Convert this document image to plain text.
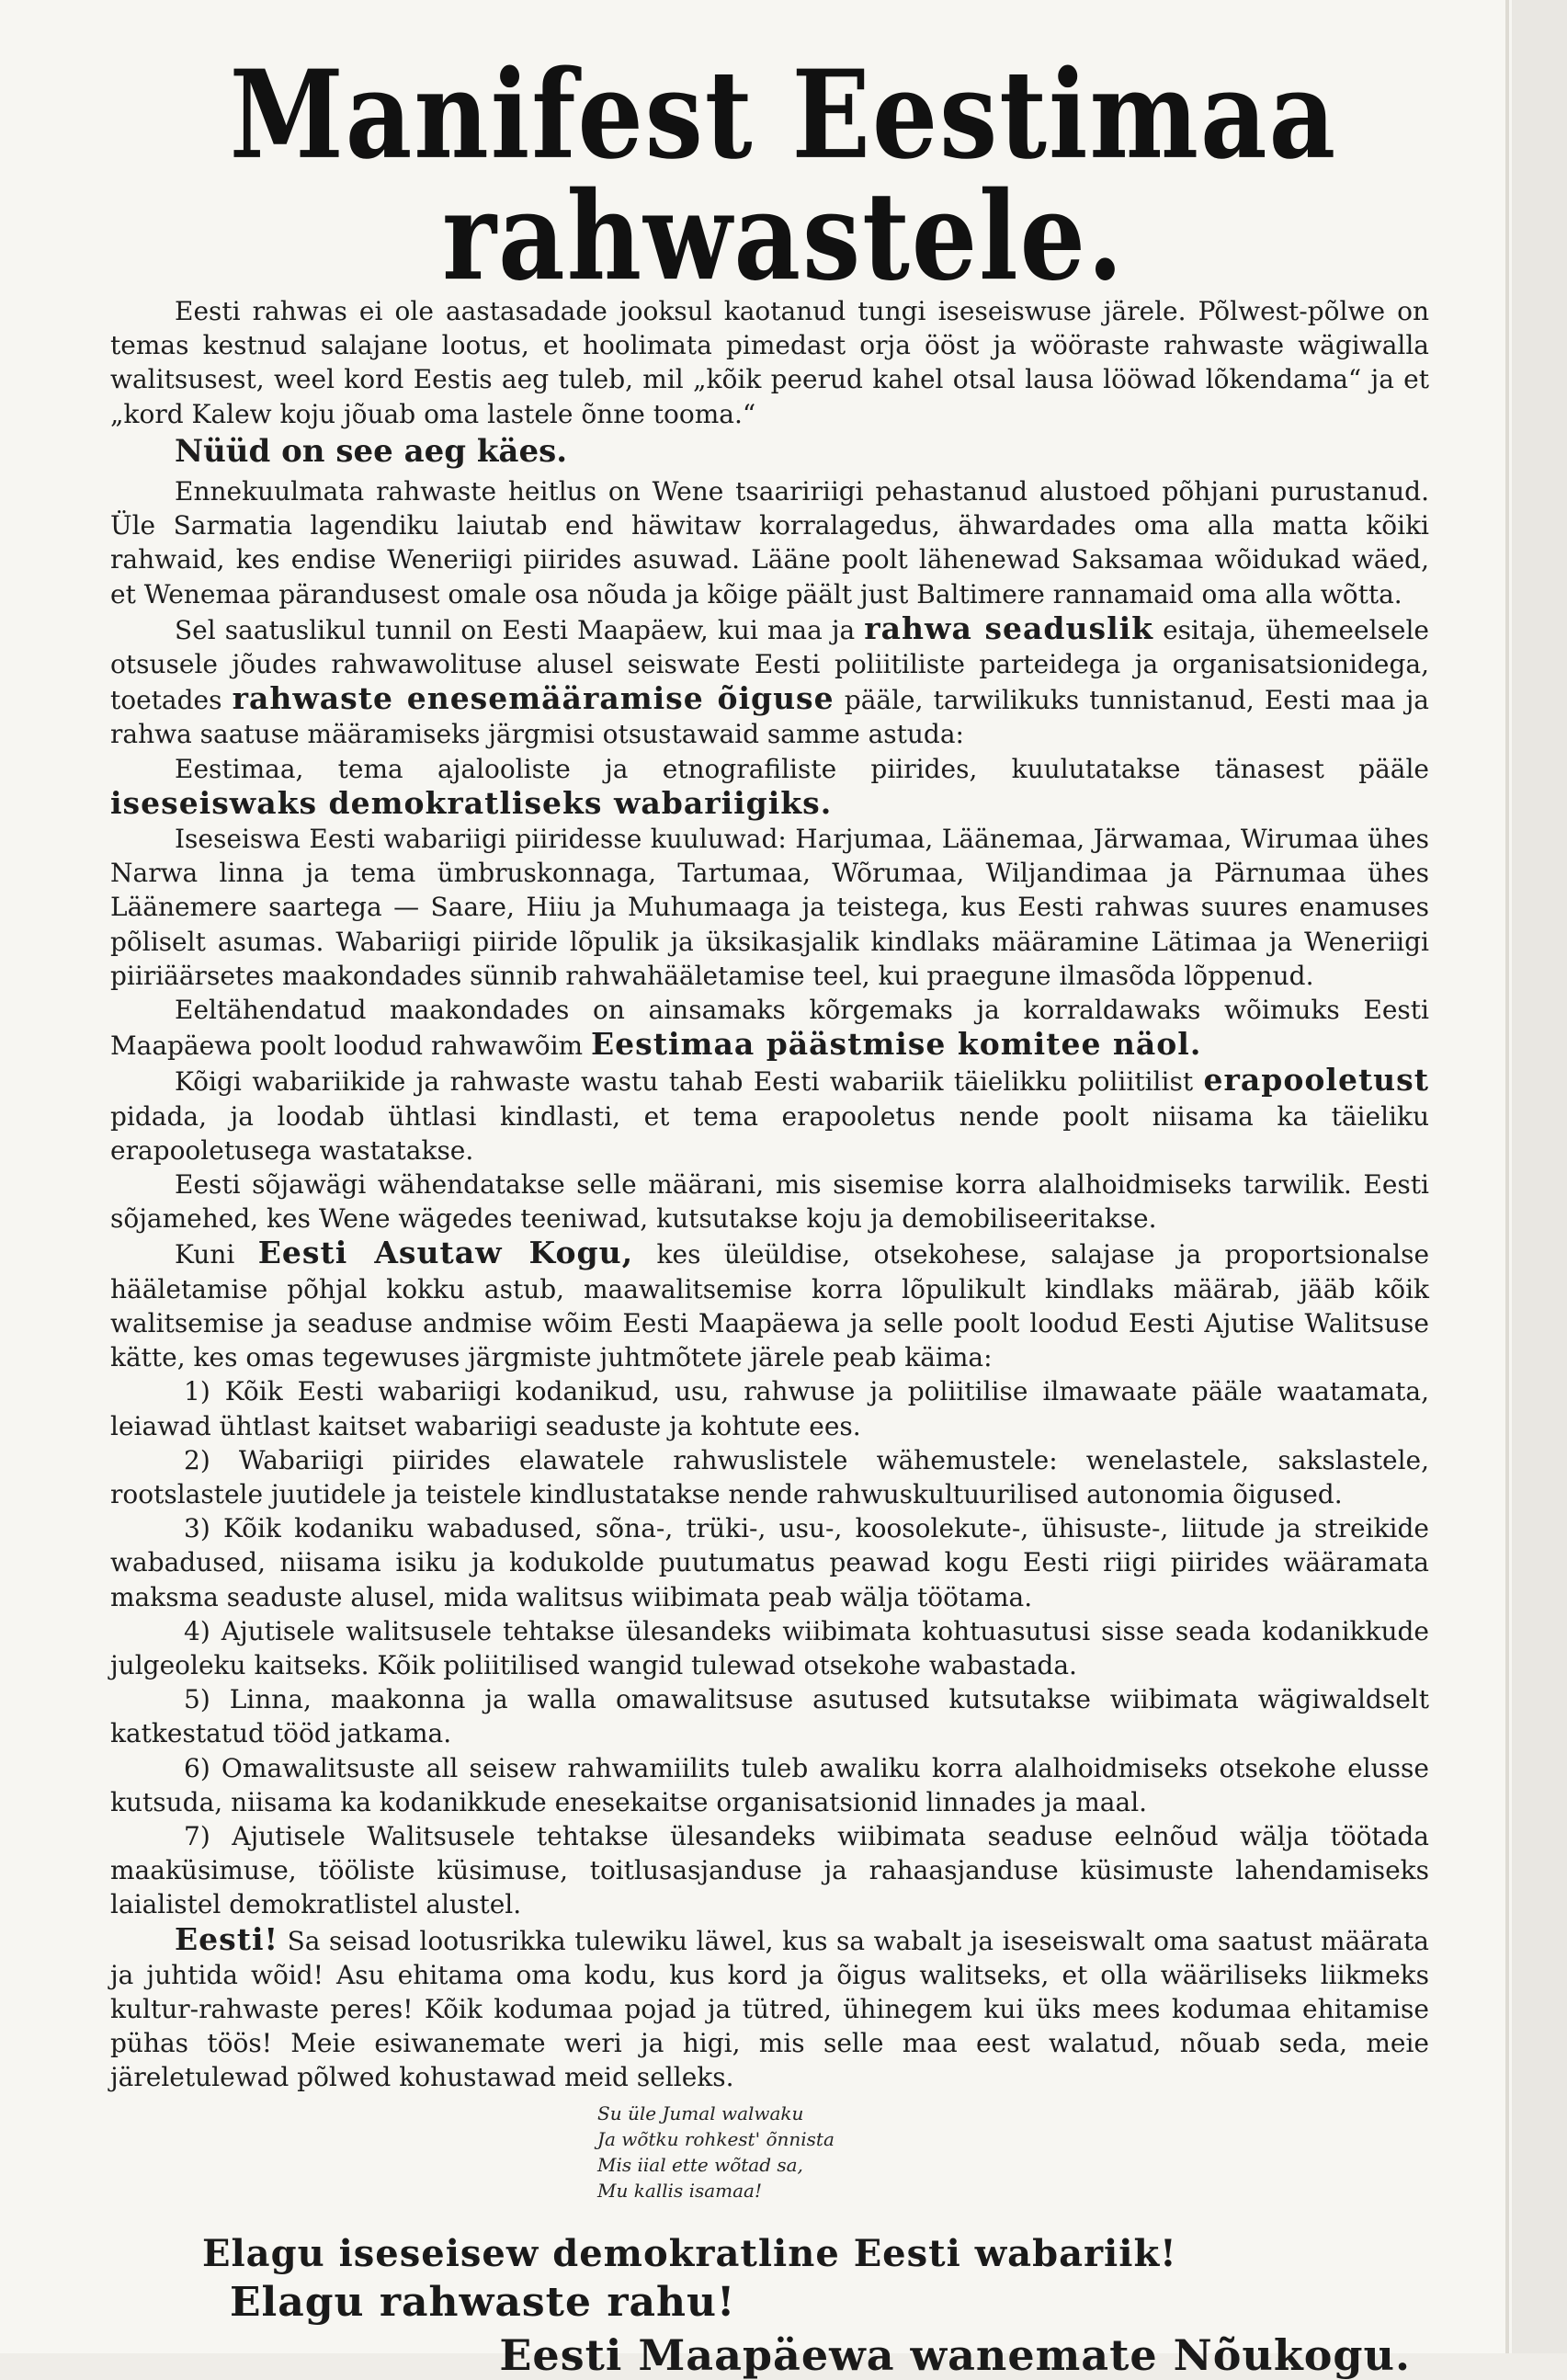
Manifest Eestimaa rahwastele.

Eesti rahwas ei ole aastasadade jooksul kaotanud tungi iseseiswuse järele. Põlwest-põlwe on temas kestnud salajane lootus, et hoolimata pimedast orja ööst ja wööraste rahwaste wägiwalla walitsusest, weel kord Eestis aeg tuleb, mil „kõik peerud kahel otsal lausa lööwad lõkendama“ ja et „kord Kalew koju jõuab oma lastele õnne tooma.“

Nüüd on see aeg käes.

Ennekuulmata rahwaste heitlus on Wene tsaaririigi pehastanud alustoed põhjani purustanud. Üle Sarmatia lagendiku laiutab end häwitaw korralagedus, ähwardades oma alla matta kõiki rahwaid, kes endise Weneriigi piirides asuwad. Lääne poolt lähenewad Saksamaa wõidukad wäed, et Wenemaa pärandusest omale osa nõuda ja kõige päält just Baltimere rannamaid oma alla wõtta.

Sel saatuslikul tunnil on Eesti Maapäew, kui maa ja rahwa seaduslik esitaja, ühemeelsele otsusele jõudes rahwawolituse alusel seiswate Eesti poliitiliste parteidega ja organisatsionidega, toetades rahwaste enesemääramise õiguse pääle, tarwilikuks tunnistanud, Eesti maa ja rahwa saatuse määramiseks järgmisi otsustawaid samme astuda:

Eestimaa, tema ajalooliste ja etnografiliste piirides, kuulutatakse tänasest pääle iseseiswaks demokratliseks wabariigiks.

Iseseiswa Eesti wabariigi piiridesse kuuluwad: Harjumaa, Läänemaa, Järwamaa, Wirumaa ühes Narwa linna ja tema ümbruskonnaga, Tartumaa, Wõrumaa, Wiljandimaa ja Pärnumaa ühes Läänemere saartega — Saare, Hiiu ja Muhumaaga ja teistega, kus Eesti rahwas suures enamuses põliselt asumas. Wabariigi piiride lõpulik ja üksikasjalik kindlaks määramine Lätimaa ja Weneriigi piiriäärsetes maakondades sünnib rahwahääletamise teel, kui praegune ilmasõda lõppenud.

Eeltähendatud maakondades on ainsamaks kõrgemaks ja korraldawaks wõimuks Eesti Maapäewa poolt loodud rahwawõim Eestimaa päästmise komitee näol.

Kõigi wabariikide ja rahwaste wastu tahab Eesti wabariik täielikku poliitilist erapooletust pidada, ja loodab ühtlasi kindlasti, et tema erapooletus nende poolt niisama ka täieliku erapooletusega wastatakse.

Eesti sõjawägi wähendatakse selle määrani, mis sisemise korra alalhoidmiseks tarwilik. Eesti sõjamehed, kes Wene wägedes teeniwad, kutsutakse koju ja demobilisееritakse.

Kuni Eesti Asutaw Kogu, kes üleüldise, otsekohese, salajase ja proportsionalse hääletamise põhjal kokku astub, maawalitsemise korra lõpulikult kindlaks määrab, jääb kõik walitsemise ja seaduse andmise wõim Eesti Maapäewa ja selle poolt loodud Eesti Ajutise Walitsuse kätte, kes omas tegewuses järgmiste juhtmõtete järele peab käima:

1) Kõik Eesti wabariigi kodanikud, usu, rahwuse ja poliitilise ilmawaate pääle waatamata, leiawad ühtlast kaitset wabariigi seaduste ja kohtute ees.

2) Wabariigi piirides elawatele rahwuslistele wähemustele: wenelastele, sakslastele, rootslastele juutidele ja teistele kindlustatakse nende rahwuskultuurilised autonomia õigused.

3) Kõik kodaniku wabadused, sõna-, trüki-, usu-, koosolekute-, ühisuste-, liitude ja streikide wabadused, niisama isiku ja kodukolde puutumatus peawad kogu Eesti riigi piirides wääramata maksma seaduste alusel, mida walitsus wiibimata peab wälja töötama.

4) Ajutisele walitsusele tehtakse ülesandeks wiibimata kohtuasutusi sisse seada kodanikkude julgeoleku kaitseks. Kõik poliitilised wangid tulewad otsekohe wabastada.

5) Linna, maakonna ja walla omawalitsuse asutused kutsutakse wiibimata wägiwaldselt katkestatud tööd jatkama.

6) Omawalitsuste all seisew rahwamiilits tuleb awaliku korra alalhoidmiseks otsekohe elusse kutsuda, niisama ka kodanikkude enesekaitse organisatsionid linnades ja maal.

7) Ajutisele Walitsusele tehtakse ülesandeks wiibimata seaduse eelnõud wälja töötada maaküsimuse, tööliste küsimuse, toitlusasjanduse ja rahaasjanduse küsimuste lahendamiseks laialistel demokratlistel alustel.

Eesti! Sa seisad lootusrikka tulewiku läwel, kus sa wabalt ja iseseiswalt oma saatust määrata ja juhtida wõid! Asu ehitama oma kodu, kus kord ja õigus walitseks, et olla wääriliseks liikmeks kultur-rahwaste peres! Kõik kodumaa pojad ja tütred, ühinegem kui üks mees kodumaa ehitamise pühas töös! Meie esiwanemate weri ja higi, mis selle maa eest walatud, nõuab seda, meie järeletulewad põlwed kohustawad meid selleks.

Su üle Jumal walwaku
Ja wõtku rohkest' õnnista
Mis iial ette wõtad sa,
Mu kallis isamaa!
Elagu iseseisew demokratline Eesti wabariik!
Elagu rahwaste rahu!
Eesti Maapäewa wanemate Nõukogu.
